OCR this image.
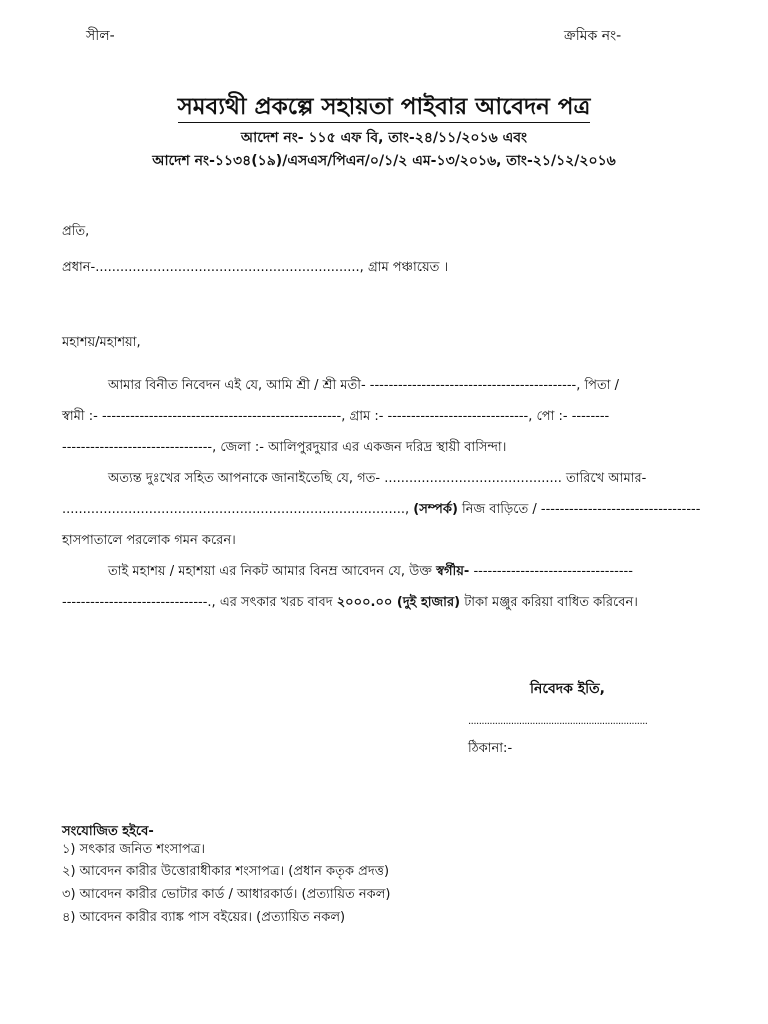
সীল-	ক্রমিক নং-
সমব্যথী প্রকল্পে সহায়তা পাইবার আবেদন পত্র
আদেশ নং- ১১৫ এফ বি, তাং-২৪/১১/২০১৬ এবং
আদেশ নং-১১৩৪(১৯)/এসএস/পিএন/০/১/২ এম-১৩/২০১৬, তাং-২১/১২/২০১৬
প্রতি,
প্রধান-................................................................, গ্রাম পঞ্চায়েত ।
মহাশয়/মহাশয়া,
আমার বিনীত নিবেদন এই যে, আমি শ্রী / শ্রী মতী- --------------------------------------------, পিতা /
স্বামী :- ---------------------------------------------------, গ্রাম :- ------------------------------, পো :- --------
--------------------------------, জেলা :- আলিপুরদুয়ার এর একজন দরিদ্র স্থায়ী বাসিন্দা।
অত্যন্ত দুঃখের সহিত আপনাকে জানাইতেছি যে, গত- ........................................... তারিখে আমার-
..................................................................................., (সম্পর্ক) নিজ বাড়িতে / ----------------------------------
হাসপাতালে পরলোক গমন করেন।
তাই মহাশয় / মহাশয়া এর নিকট আমার বিনম্র আবেদন যে, উক্ত স্বর্গীয়- ----------------------------------
-------------------------------., এর সৎকার খরচ বাবদ ২০০০.০০ (দুই হাজার) টাকা মঞ্জুর করিয়া বাধিত করিবেন।
নিবেদক ইতি,
...................................................................
ঠিকানা:-
সংযোজিত হইবে-
১) সৎকার জনিত শংসাপত্র।
২) আবেদন কারীর উত্তোরাধীকার শংসাপত্র। (প্রধান কতৃক প্রদত্ত)
৩) আবেদন কারীর ভোটার কার্ড / আধারকার্ড। (প্রত্যায়িত নকল)
৪) আবেদন কারীর ব্যাঙ্ক পাস বইয়ের। (প্রত্যায়িত নকল)
